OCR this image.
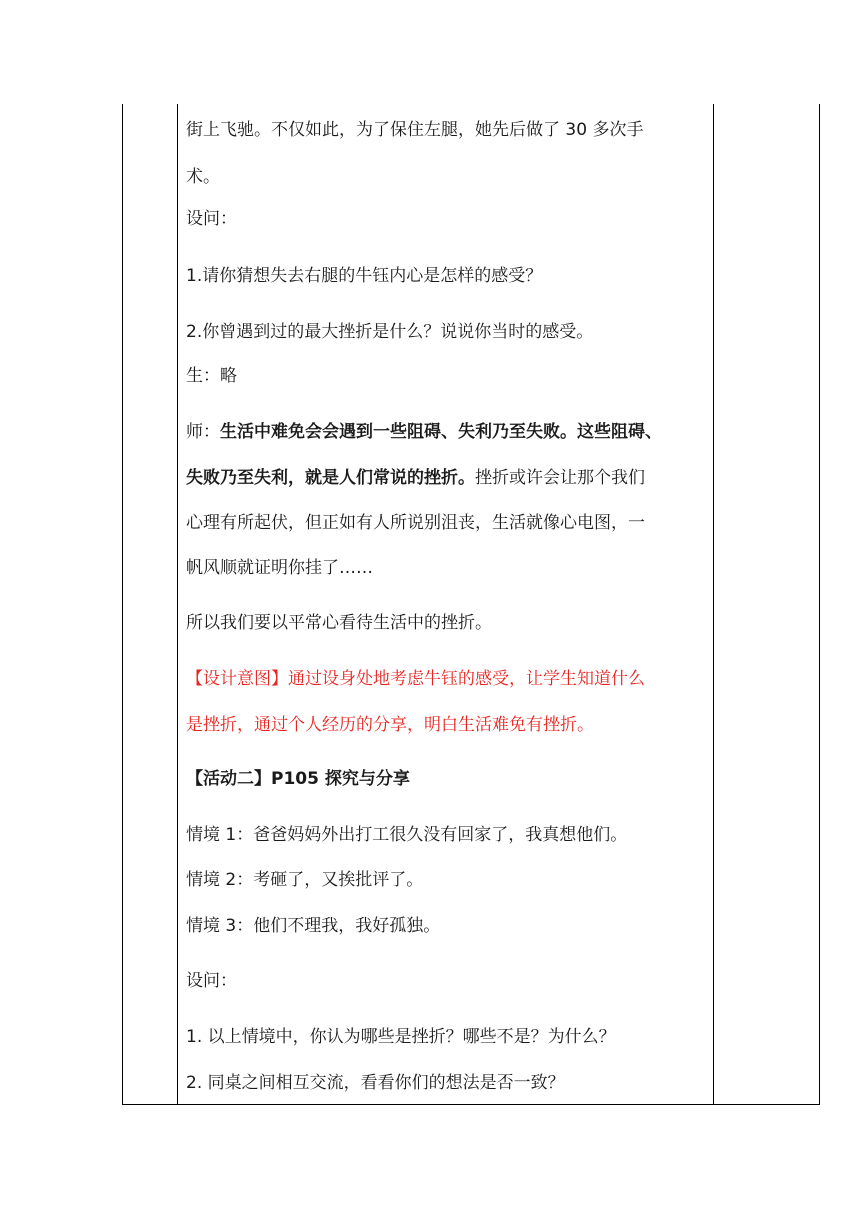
街上飞驰。不仅如此，为了保住左腿，她先后做了 30 多次手
术。
设问：
1.请你猜想失去右腿的牛钰内心是怎样的感受？
2.你曾遇到过的最大挫折是什么？说说你当时的感受。
生：略
师：生活中难免会会遇到一些阻碍、失利乃至失败。这些阻碍、
失败乃至失利，就是人们常说的挫折。挫折或许会让那个我们
心理有所起伏，但正如有人所说别沮丧，生活就像心电图，一
帆风顺就证明你挂了……
所以我们要以平常心看待生活中的挫折。
【设计意图】通过设身处地考虑牛钰的感受，让学生知道什么
是挫折，通过个人经历的分享，明白生活难免有挫折。
【活动二】P105 探究与分享
情境 1：爸爸妈妈外出打工很久没有回家了，我真想他们。
情境 2：考砸了，又挨批评了。
情境 3：他们不理我，我好孤独。
设问：
1. 以上情境中，你认为哪些是挫折？哪些不是？为什么？
2. 同桌之间相互交流，看看你们的想法是否一致？
